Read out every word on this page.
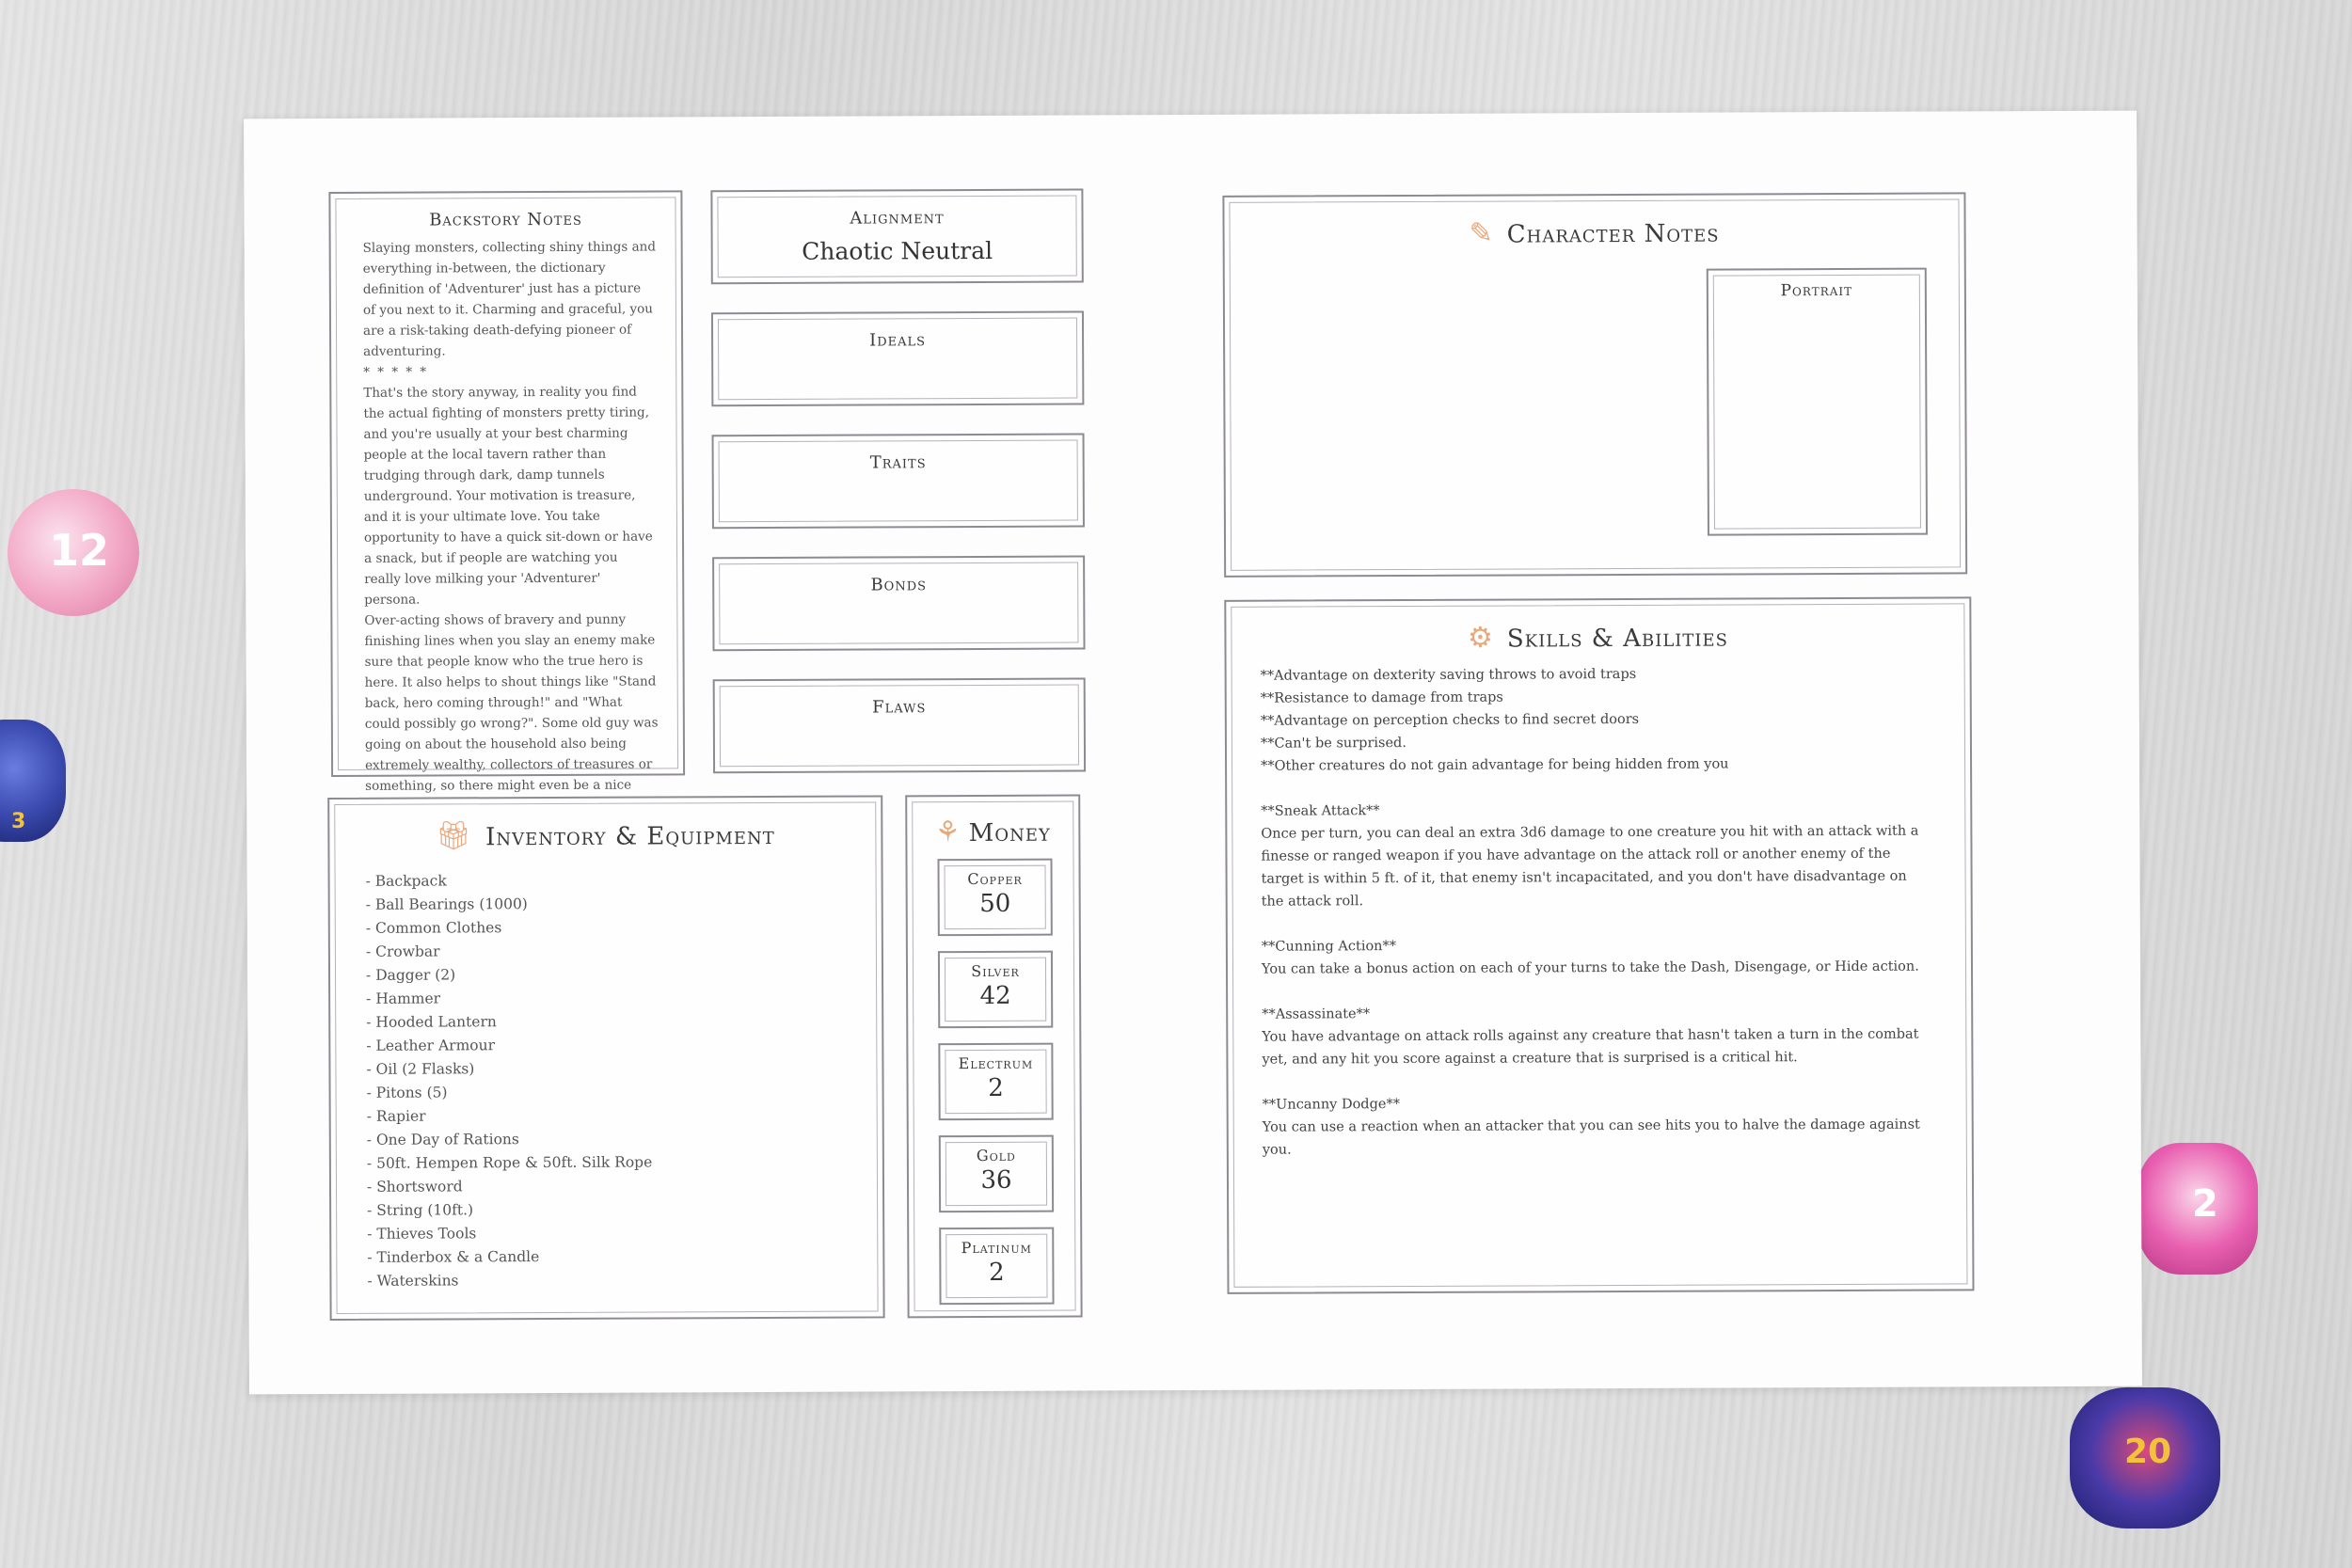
12
3
2
20
Backstory Notes

Slaying monsters, collecting shiny things and everything in-between, the dictionary definition of 'Adventurer' just has a picture of you next to it. Charming and graceful, you are a risk-taking death-defying pioneer of adventuring.

* * * * *

That's the story anyway, in reality you find the actual fighting of monsters pretty tiring, and you're usually at your best charming people at the local tavern rather than trudging through dark, damp tunnels underground. Your motivation is treasure, and it is your ultimate love. You take opportunity to have a quick sit-down or have a snack, but if people are watching you really love milking your 'Adventurer' persona.

Over-acting shows of bravery and punny finishing lines when you slay an enemy make sure that people know who the true hero is here. It also helps to shout things like "Stand back, hero coming through!" and "What could possibly go wrong?". Some old guy was going on about the household also being extremely wealthy, collectors of treasures or something, so there might even be a nice

Alignment
Chaotic Neutral
Ideals
Traits
Bonds
Flaws
🎁︎ Inventory & Equipment
- Backpack
- Ball Bearings (1000)
- Common Clothes
- Crowbar
- Dagger (2)
- Hammer
- Hooded Lantern
- Leather Armour
- Oil (2 Flasks)
- Pitons (5)
- Rapier
- One Day of Rations
- 50ft. Hempen Rope & 50ft. Silk Rope
- Shortsword
- String (10ft.)
- Thieves Tools
- Tinderbox & a Candle
- Waterskins
⚘ Money
Copper
50
Silver
42
Electrum
2
Gold
36
Platinum
2
✎ Character Notes
Portrait
⚙ Skills & Abilities

**Advantage on dexterity saving throws to avoid traps

**Resistance to damage from traps

**Advantage on perception checks to find secret doors

**Can't be surprised.

**Other creatures do not gain advantage for being hidden from you

**Sneak Attack**

Once per turn, you can deal an extra 3d6 damage to one creature you hit with an attack with a finesse or ranged weapon if you have advantage on the attack roll or another enemy of the target is within 5 ft. of it, that enemy isn't incapacitated, and you don't have disadvantage on the attack roll.

**Cunning Action**

You can take a bonus action on each of your turns to take the Dash, Disengage, or Hide action.

**Assassinate**

You have advantage on attack rolls against any creature that hasn't taken a turn in the combat yet, and any hit you score against a creature that is surprised is a critical hit.

**Uncanny Dodge**

You can use a reaction when an attacker that you can see hits you to halve the damage against you.
